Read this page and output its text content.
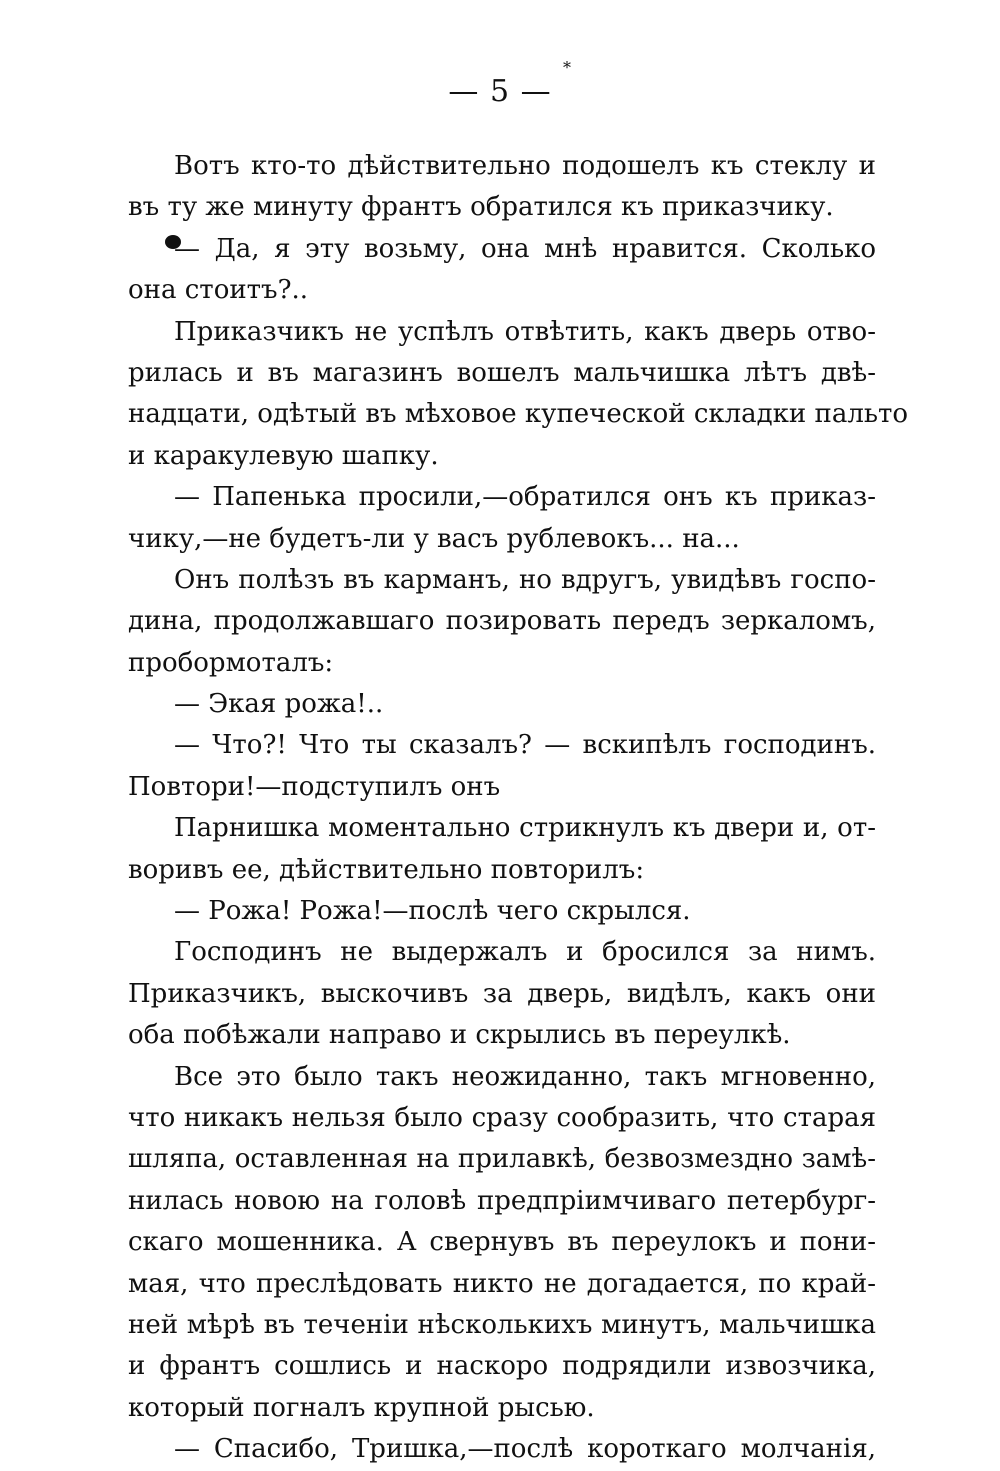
— 5 —
*
Вотъ кто-то дѣйствительно подошелъ къ стеклу и
въ ту же минуту франтъ обратился къ приказчику.
— Да, я эту возьму, она мнѣ нравится. Сколько
она стоитъ?..
Приказчикъ не успѣлъ отвѣтить, какъ дверь отво-
рилась и въ магазинъ вошелъ мальчишка лѣтъ двѣ-
надцати, одѣтый въ мѣховое купеческой складки пальто
и каракулевую шапку.
— Папенька просили,—обратился онъ къ приказ-
чику,—не будетъ-ли у васъ рублевокъ... на...
Онъ полѣзъ въ карманъ, но вдругъ, увидѣвъ госпо-
дина, продолжавшаго позировать передъ зеркаломъ,
пробормоталъ:
— Экая рожа!..
— Что?! Что ты сказалъ? — вскипѣлъ господинъ.
Повтори!—подступилъ онъ
Парнишка моментально стрикнулъ къ двери и, от-
воривъ ее, дѣйствительно повторилъ:
— Рожа! Рожа!—послѣ чего скрылся.
Господинъ не выдержалъ и бросился за нимъ.
Приказчикъ, выскочивъ за дверь, видѣлъ, какъ они
оба побѣжали направо и скрылись въ переулкѣ.
Все это было такъ неожиданно, такъ мгновенно,
что никакъ нельзя было сразу сообразить, что старая
шляпа, оставленная на прилавкѣ, безвозмездно замѣ-
нилась новою на головѣ предпріимчиваго петербург-
скаго мошенника. А свернувъ въ переулокъ и пони-
мая, что преслѣдовать никто не догадается, по край-
ней мѣрѣ въ теченіи нѣсколькихъ минутъ, мальчишка
и франтъ сошлись и наскоро подрядили извозчика,
который погналъ крупной рысью.
— Спасибо, Тришка,—послѣ короткаго молчанія,
